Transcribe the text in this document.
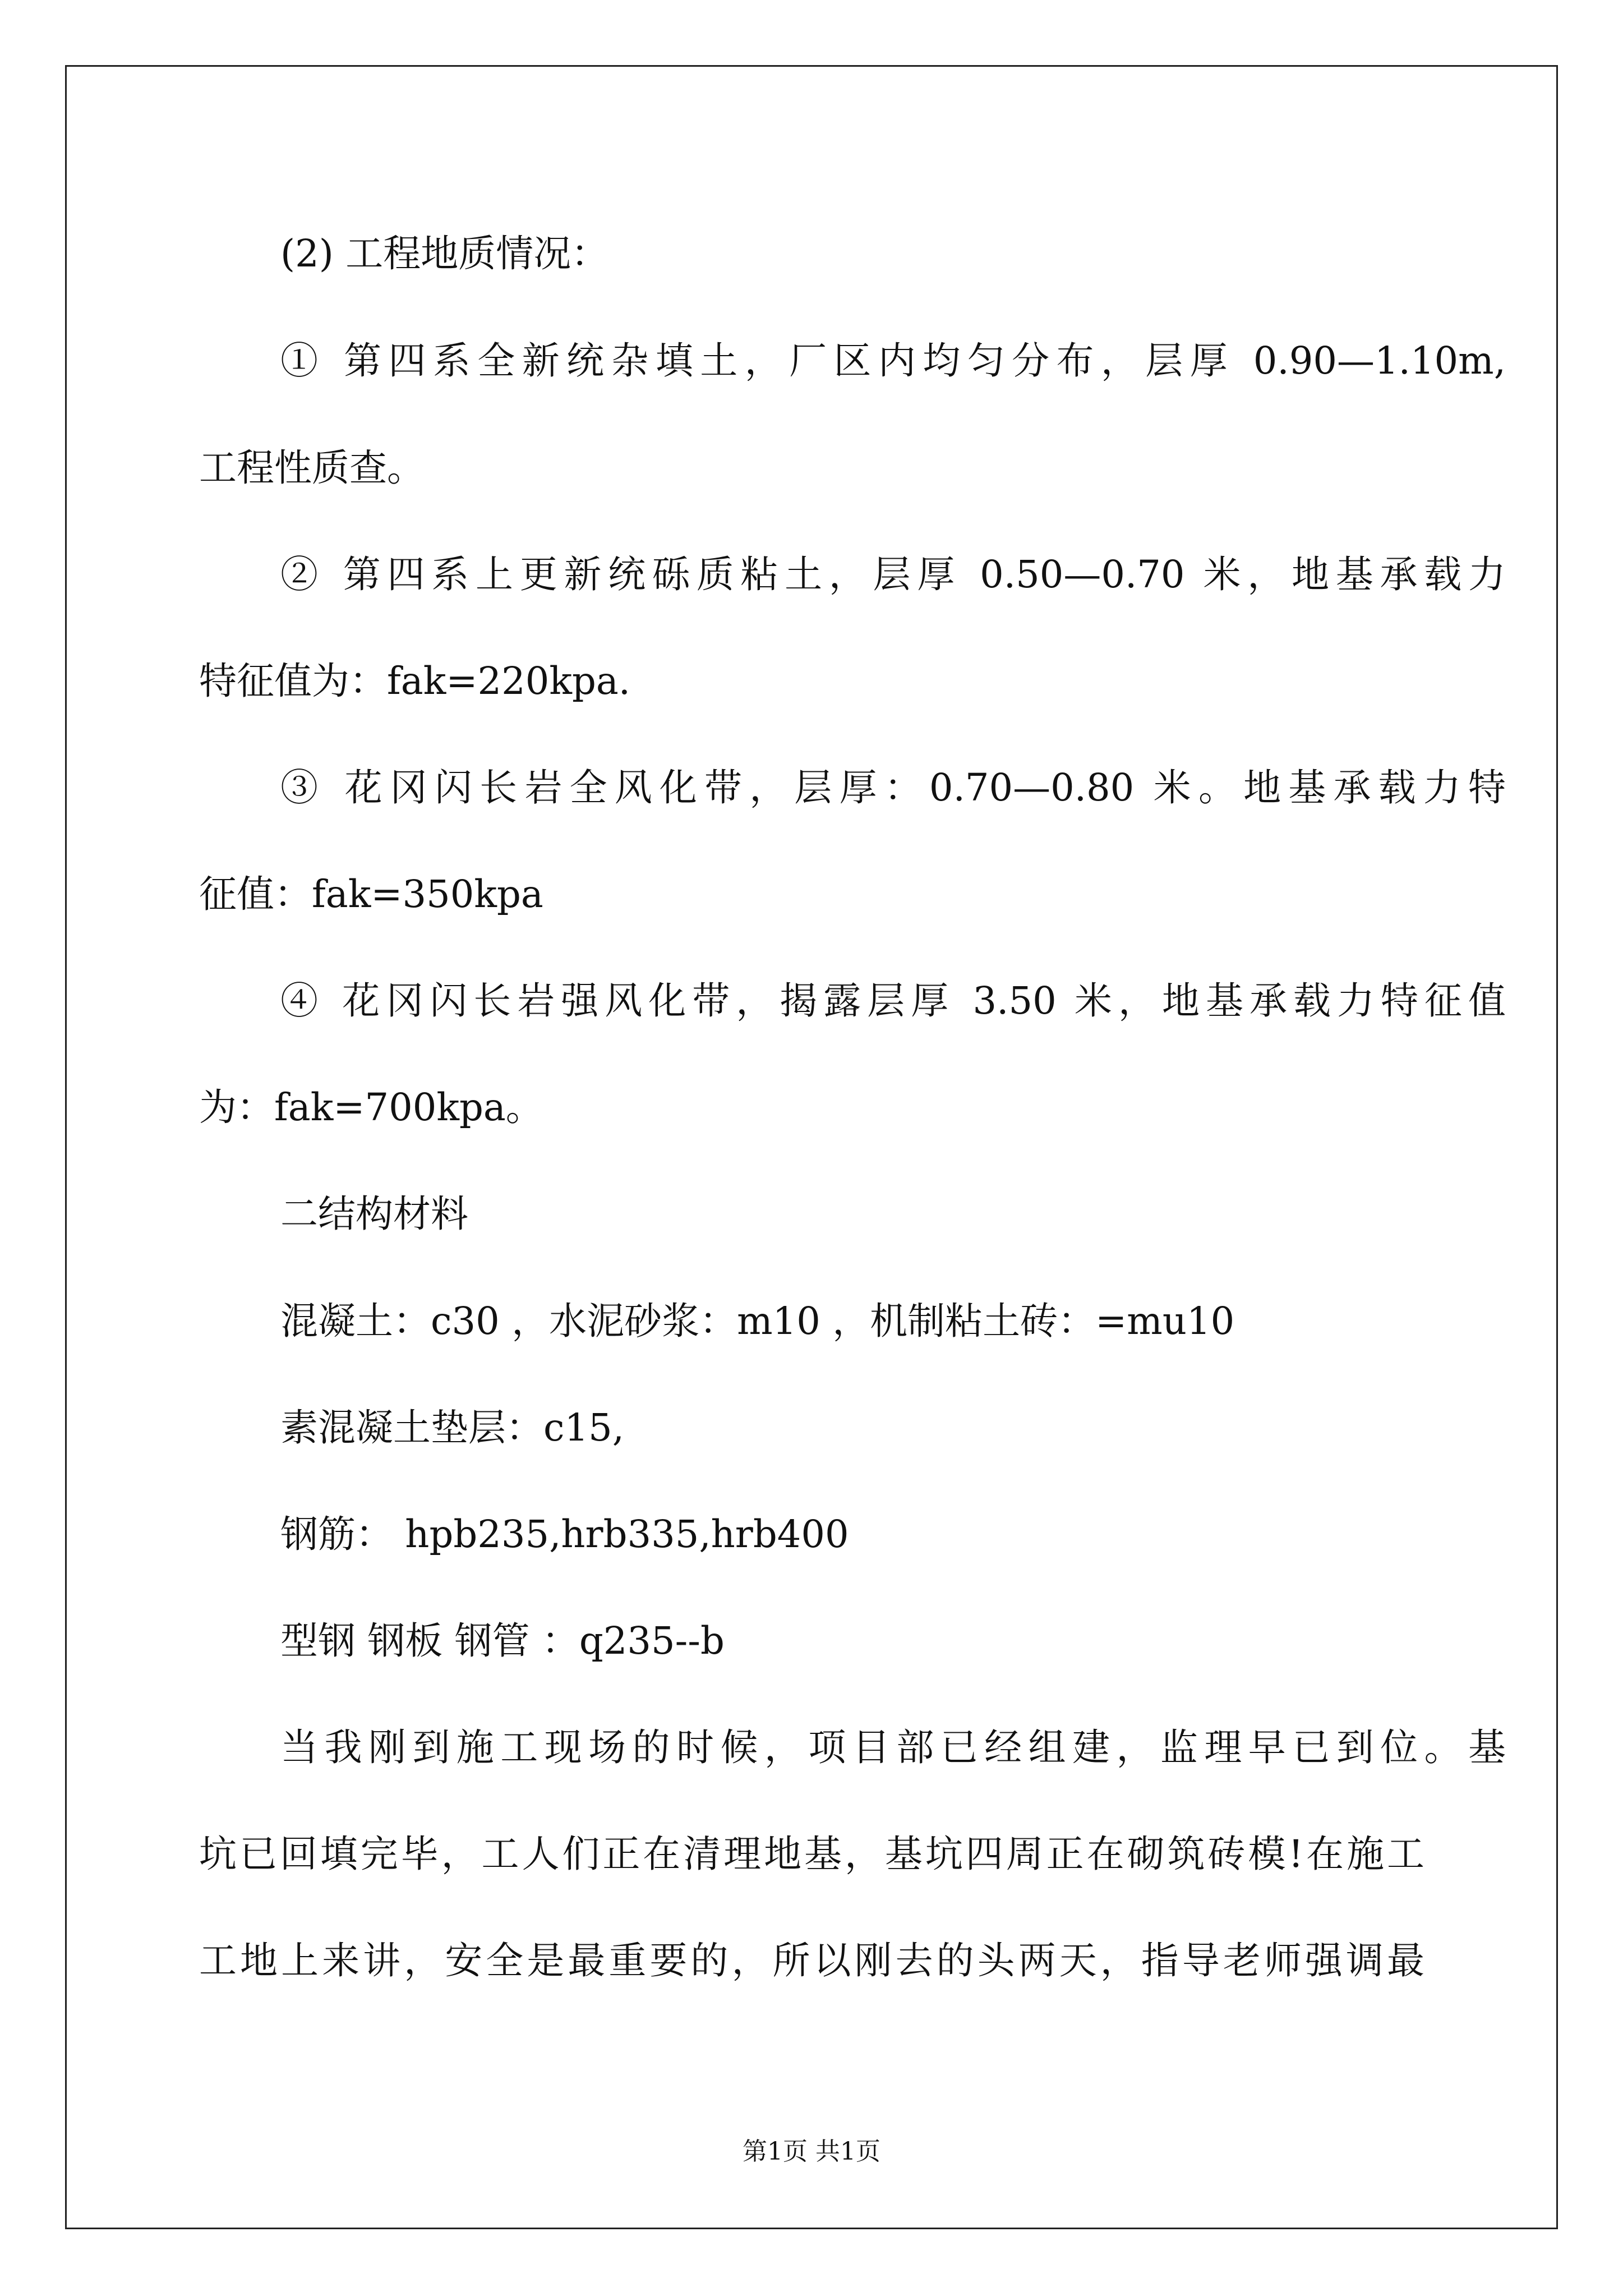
(2) 工程地质情况：

① 第四系全新统杂填土，厂区内均匀分布，层厚 0.90—1.10m,

工程性质查。

② 第四系上更新统砾质粘土，层厚 0.50—0.70 米，地基承载力

特征值为：fak=220kpa.

③ 花冈闪长岩全风化带，层厚：0.70—0.80 米。地基承载力特

征值：fak=350kpa

④ 花冈闪长岩强风化带，揭露层厚 3.50 米，地基承载力特征值

为：fak=700kpa。

二结构材料

混凝土：c30 ，水泥砂浆：m10 ，机制粘土砖：=mu10

素混凝土垫层：c15,

钢筋： hpb235,hrb335,hrb400

型钢 钢板 钢管 ：q235--b

当我刚到施工现场的时候，项目部已经组建，监理早已到位。基

坑已回填完毕，工人们正在清理地基，基坑四周正在砌筑砖模!在施工

工地上来讲，安全是最重要的，所以刚去的头两天，指导老师强调最

第1页 共1页
